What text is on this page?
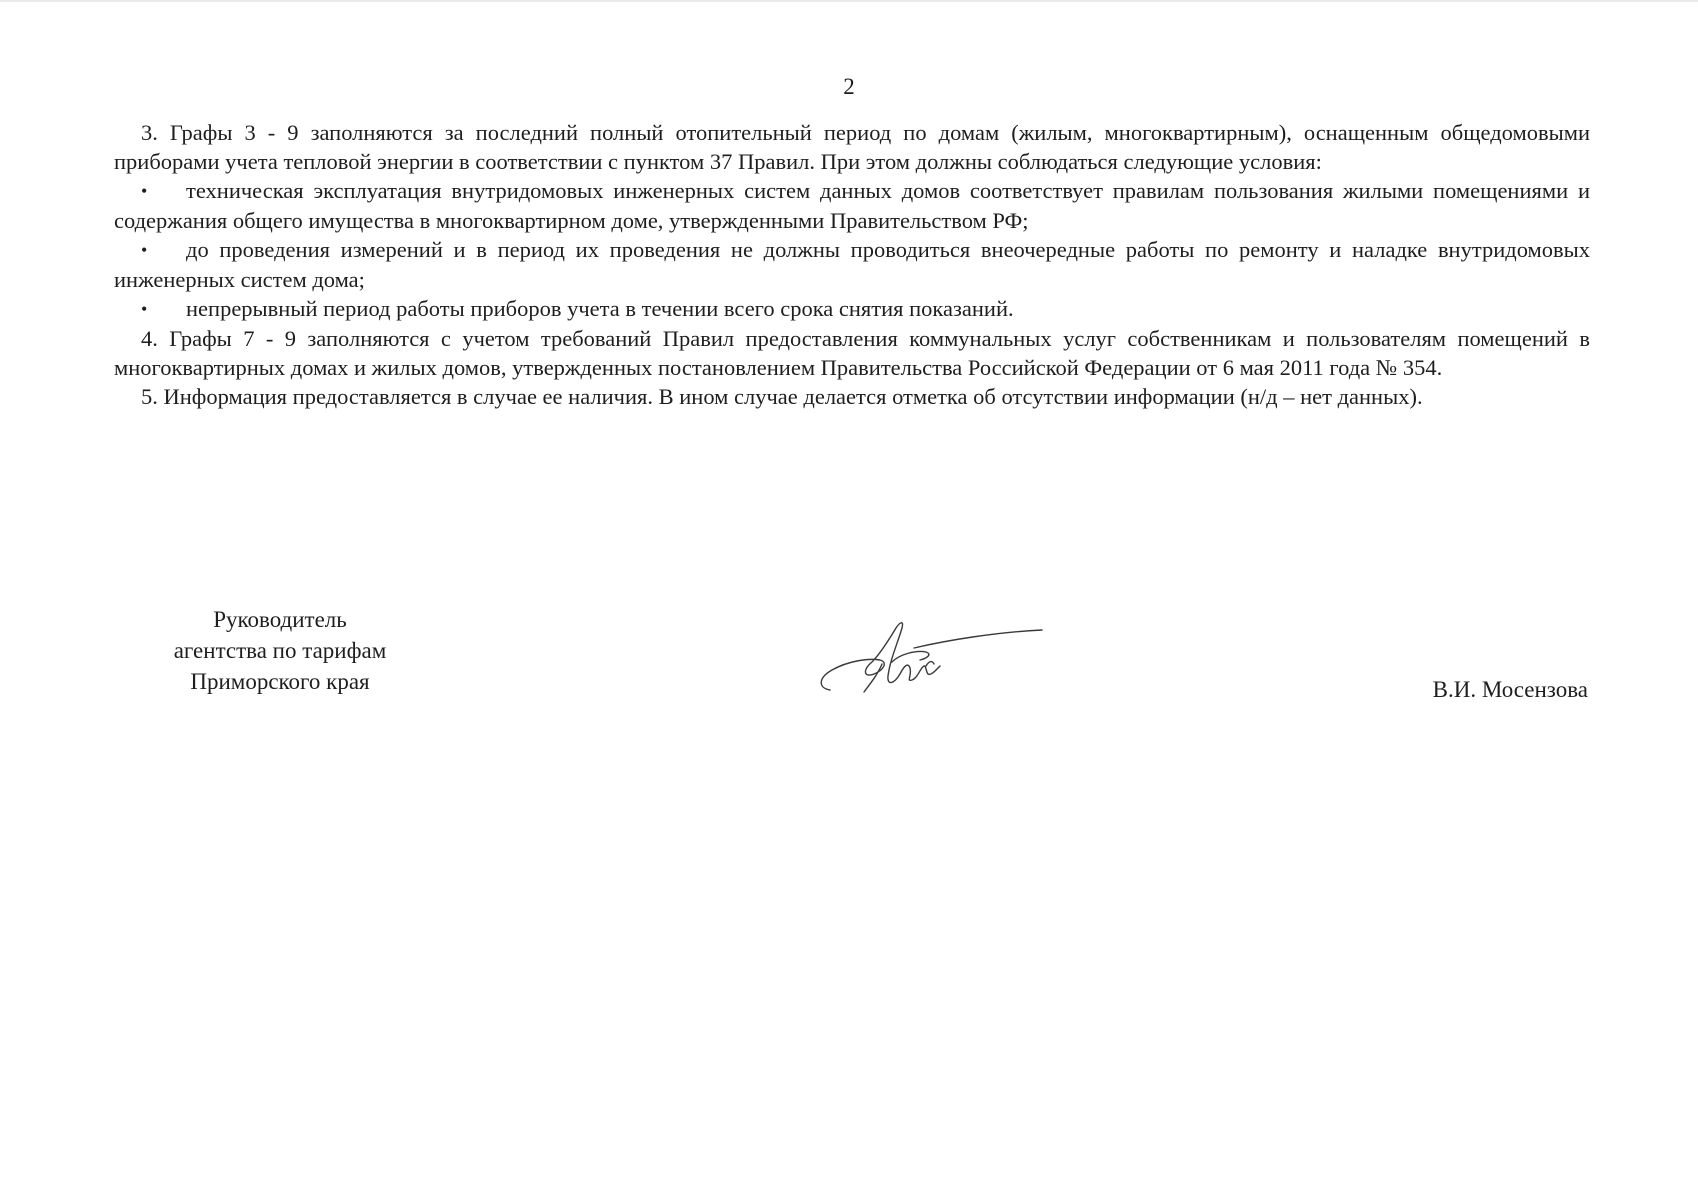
2

3. Графы 3 - 9 заполняются за последний полный отопительный период по домам (жилым, многоквартирным), оснащенным общедомовыми приборами учета тепловой энергии в соответствии с пунктом 37 Правил. При этом должны соблюдаться следующие условия:

• техническая эксплуатация внутридомовых инженерных систем данных домов соответствует правилам пользования жилыми помещениями и содержания общего имущества в многоквартирном доме, утвержденными Правительством РФ;

• до проведения измерений и в период их проведения не должны проводиться внеочередные работы по ремонту и наладке внутридомовых инженерных систем дома;

• непрерывный период работы приборов учета в течении всего срока снятия показаний.

4. Графы 7 - 9 заполняются с учетом требований Правил предоставления коммунальных услуг собственникам и пользователям помещений в многоквартирных домах и жилых домов, утвержденных постановлением Правительства Российской Федерации от 6 мая 2011 года № 354.

5. Информация предоставляется в случае ее наличия. В ином случае делается отметка об отсутствии информации (н/д – нет данных).

Руководитель
агентства по тарифам
Приморского края	В.И. Мосензова
